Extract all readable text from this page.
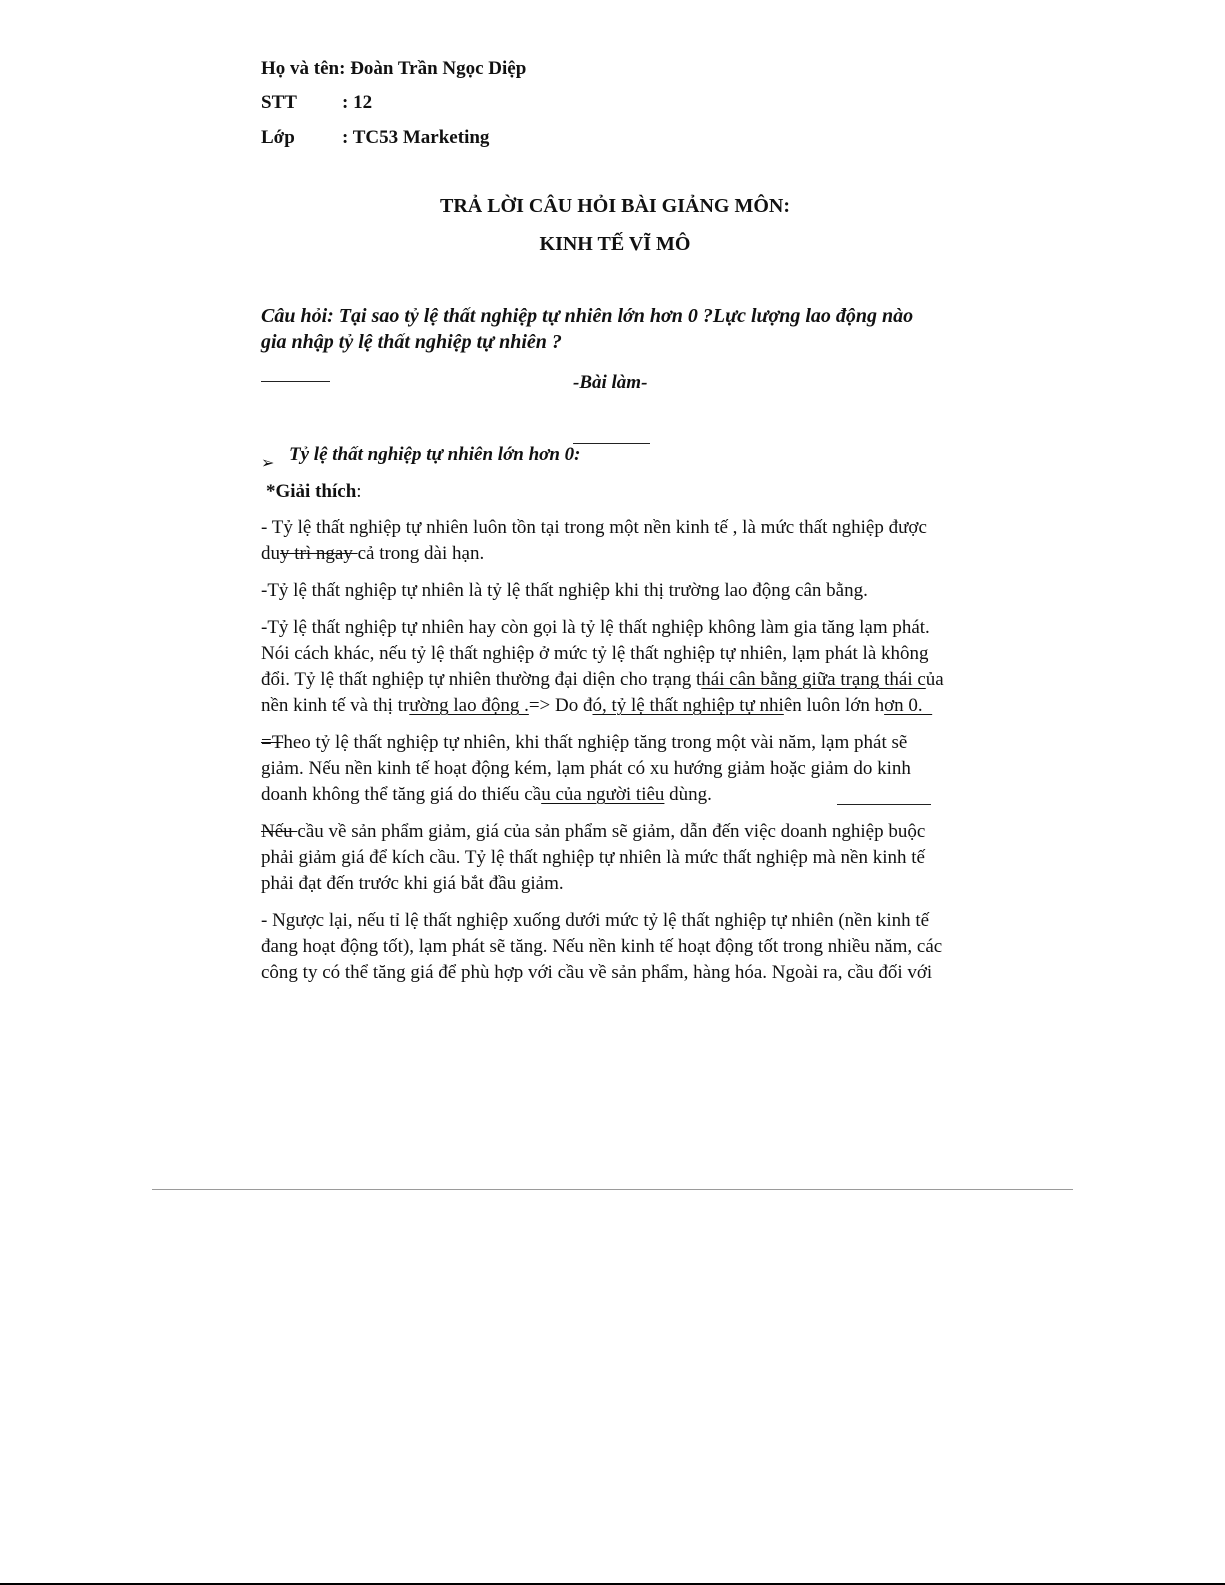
Họ và tên: Đoàn Trần Ngọc Diệp
STT : 12
Lớp : TC53 Marketing
TRẢ LỜI CÂU HỎI BÀI GIẢNG MÔN:
KINH TẾ VĨ MÔ
Câu hỏi: Tại sao tỷ lệ thất nghiệp tự nhiên lớn hơn 0 ?Lực lượng lao động nào
gia nhập tỷ lệ thất nghiệp tự nhiên ?
-Bài làm-
➢ Tỷ lệ thất nghiệp tự nhiên lớn hơn 0:
*Giải thích:
- Tỷ lệ thất nghiệp tự nhiên luôn tồn tại trong một nền kinh tế , là mức thất nghiệp được
duy trì ngay cả trong dài hạn.
-Tỷ lệ thất nghiệp tự nhiên là tỷ lệ thất nghiệp khi thị trường lao động cân bằng.
-Tỷ lệ thất nghiệp tự nhiên hay còn gọi là tỷ lệ thất nghiệp không làm gia tăng lạm phát.
Nói cách khác, nếu tỷ lệ thất nghiệp ở mức tỷ lệ thất nghiệp tự nhiên, lạm phát là không
đổi. Tỷ lệ thất nghiệp tự nhiên thường đại diện cho trạng thái cân bằng giữa trạng thái của
nền kinh tế và thị trường lao động .=> Do đó, tỷ lệ thất nghiệp tự nhiên luôn lớn hơn 0.
=Theo tỷ lệ thất nghiệp tự nhiên, khi thất nghiệp tăng trong một vài năm, lạm phát sẽ
giảm. Nếu nền kinh tế hoạt động kém, lạm phát có xu hướng giảm hoặc giảm do kinh
doanh không thể tăng giá do thiếu cầu của người tiêu dùng.
Nếu cầu về sản phẩm giảm, giá của sản phẩm sẽ giảm, dẫn đến việc doanh nghiệp buộc
phải giảm giá để kích cầu. Tỷ lệ thất nghiệp tự nhiên là mức thất nghiệp mà nền kinh tế
phải đạt đến trước khi giá bắt đầu giảm.
- Ngược lại, nếu tỉ lệ thất nghiệp xuống dưới mức tỷ lệ thất nghiệp tự nhiên (nền kinh tế
đang hoạt động tốt), lạm phát sẽ tăng. Nếu nền kinh tế hoạt động tốt trong nhiều năm, các
công ty có thể tăng giá để phù hợp với cầu về sản phẩm, hàng hóa. Ngoài ra, cầu đối với
